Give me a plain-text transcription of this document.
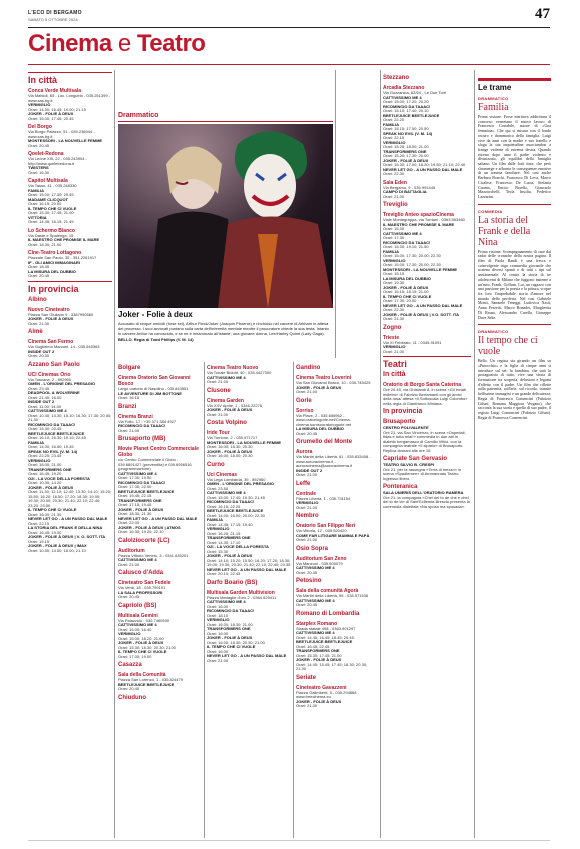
L'ECO DI BERGAMO
SABATO 5 OTTOBRE 2024	47
Cinema e Teatro
In città
Conca Verde Multisala
Via Mattioli, 65 - Loc. Longuelo - 035.251399 - www.sas.bg.it
VERMIGLIO
Orari: 14.30; 16.45; 19.00; 21.15
JOKER - FOLIE À DEUX
Orari: 15.00; 17.45; 20.45
Del Borgo
Via Borgo Palazzo, 51 - 035.236944 - www.sas.bg.it
MONTESSORI - LA NOUVELLE FEMME
Orari: 20.45
Qoelet-Redona
Via Leone XIII, 22 - 035.243904 - http://www.qoeletredona.it
TWISTERS
Orari: 16.30
Capitol Multisala
Via Tasso, 41 - 035.248330
FAMILIA
Orari: 15.00; 17.30; 20.45
MADAME CLICQUOT
Orari: 16.15; 20.00
IL TEMPO CHE CI VUOLE
Orari: 15.30; 17.45; 21.00
VITTORIA
Orari: 14.45; 16.15; 21.45
Lo Schermo Bianco
Via Daste e Spalenga, 15
IL MAESTRO CHE PROMISE IL MARE
Orari: 18.30; 21.00
Cine-Teatro Lottagono
Piazzale San Paolo, 35 - 351.2261917
IF - GLI AMICI IMMAGINARI
Orari: 18.45
LA MISURA DEL DUBBIO
Orari: 20.45
In provincia
Albino
Nuovo Cineteatro
Piazza San Giuliano 9 - 3387990560
JOKER - FOLIE À DEUX
Orari: 21.00
Almè
Cinema San Fermo
Via Guglielmo Marconi, 14 - 035.545363
INSIDE OUT 2
Orari: 20.30
Azzano San Paolo
UCI Cinemas Orio
Via Toscana, 2 - 892960
OMEN - L'ORIGINE DEL PRESAGIO
Orari: 23.45
DEADPOOL & WOLVERINE
Orari: 21.40; 16.00
INSIDE OUT 2
Orari: 11.00; 14.00
CATTIVISSIMO ME 4
Orari: 10.40; 14.30; 15.10; 16.30; 17.30; 20.00; 21.30
RICOMINCIO DA TAAAC!
Orari: 15.30; 20.45
BEETLEJUICE BEETLEJUICE
Orari: 16.10; 16.30; 19.15; 22.45
FAMILIA
Orari: 14.00; 16.50; 19.45
SPEAK NO EVIL (V. M. 14)
Orari: 22.20; 23.45
VERMIGLIO
Orari: 18.00; 21.00
TRANSFORMERS ONE
Orari: 16.45; 19.20
O2I - LA VOCE DELLA FORESTA
Orari: 10.30; 14.20
JOKER - FOLIE À DEUX
Orari: 11.30; 12.10; 12.40; 13.30; 14.10; 15.20; 15.50; 16.20; 16.50; 17.20; 18.30; 19.00; 19.30; 20.00; 20.30; 21.40; 22.10; 22.40; 23.20; 23.50
IL TEMPO CHE CI VUOLE
Orari: 16.00; 21.30
NEVER LET GO - A UN PASSO DAL MALE
Orari: 22.15
LA STORIA DEL FRANK E DELLA NINA
Orari: 16.45; 19.00
JOKER - FOLIE À DEUX | V. O. SOTT. ITA
Orari: 19.15
JOKER - FOLIE À DEUX | IMAX
Orari: 10.50; 14.50; 18.00; 21.10
Drammatico
Joker - Folie à deux
Accusato di cinque omicidi (forse sei), Arthur Fleck/Joker (Joaquin Phoenix) è rinchiuso nel carcere di Arkham in attesa del processo. I suoi avvocati puntano sulla carta dell'infermità mentale mentre il procuratore chiede la sua testa. Intanto in carcere Arthur ha conosciuto, e se ne è innamorato all'istante, una giovane donna, Lee/Harley Quinn (Lady Gaga).
BELLO. Regia di Todd Phillips (V. M. 14)
Bolgare
Cinema Oratorio San Giovanni Bosco
Largo oratorio di Nasolino - 035.843551
LE AVVENTURE DI JIM BOTTONE
Orari: 16.15
Branzi
Cinema Branzi
Via Follo, 17 - +39 371 384 4927
RICOMINCIO DA TAAAC!
Orari: 21.00
Brusaporto (MB)
Movie Planet Centro Commerciale Globo
c/o Centro Commerciale il Globo - 039.6891427 (prevendita) e 039.6956516 (programmazione)
CATTIVISSIMO ME 4
Orari: 17.30; 19.50
RICOMINCIO DA TAAAC!
Orari: 17.30; 22.00
BEETLEJUICE BEETLEJUICE
Orari: 19.45; 22.15
TRANSFORMERS ONE
Orari: 17.15; 19.45
JOKER - FOLIE À DEUX
Orari: 18.30; 21.30
NEVER LET GO - A UN PASSO DAL MALE
Orari: 22.00
JOKER - FOLIE À DEUX | ATMOS
Orari: 16.30; 19.20; 22.10
Calolziocorte (LC)
Auditorium
Piazza Vittorio Veneto, 3 - 0341.635201
CATTIVISSIMO ME 4
Orari: 21.00
Calusco d'Adda
Cineteatro San Fedele
Via Verdi, 18 - 035.799101
LA SALA PROFESSORI
Orari: 20.45
Capriolo (BS)
Multisala Gemini
Via Palazzolo - 030.7460530
CATTIVISSIMO ME 4
Orari: 15.00; 16.40
VERMIGLIO
Orari: 15.00; 18.20; 21.00
JOKER - FOLIE À DEUX
Orari: 15.30; 18.30; 20.30; 21.00
IL TEMPO CHE CI VUOLE
Orari: 17.00; 19.00
Casazza
Sala della Comunità
Piazza San Lorenzo, 1 - 035.824479
BEETLEJUICE BEETLEJUICE
Orari: 20.45
Chiuduno
Cinema Teatro Nuovo
Via Tonale Bidotti, 40 - 035.4427300
CATTIVISSIMO ME 4
Orari: 21.00
Clusone
Cinema Garden
Via XXV Aprile, 1 - 0346.22275
JOKER - FOLIE À DEUX
Orari: 21.00
Costa Volpino
Iride Tour
Via Torrione, 2 - 035.971717
MONTESSORI - LA NOUVELLE FEMME
Orari: 16.00; 18.30; 20.30
JOKER - FOLIE À DEUX
Orari: 16.00; 18.00; 20.30
Curno
Uci Cinemas
Via Lega Lombarda, 39 - 892960
OMEN - L'ORIGINE DEL PRESAGIO
Orari: 23.50
CATTIVISSIMO ME 4
Orari: 15.00; 17.40; 19.30; 21.45
RICOMINCIO DA TAAAC!
Orari: 16.15; 22.25
BEETLEJUICE BEETLEJUICE
Orari: 14.00; 16.00; 20.00; 22.30
FAMILIA
Orari: 14.45; 17.15; 19.40
VERMIGLIO
Orari: 16.25; 21.15
TRANSFORMERS ONE
Orari: 14.30; 17.10
O2I - LA VOCE DELLA FORESTA
Orari: 15.30
JOKER - FOLIE À DEUX
Orari: 14.10; 15.20; 15.50; 16.20; 17.20; 18.30; 19.00; 19.30; 20.30; 21.40; 22.10; 22.40; 23.35
NEVER LET GO - A UN PASSO DAL MALE
Orari: 20.10; 22.45
Darfo Boario (BS)
Multisala Garden Multivision
Piazza Medaglie d'oro 2 - 0364.529411
CATTIVISSIMO ME 4
Orari: 16.00
RICOMINCIO DA TAAAC!
Orari: 18.10
VERMIGLIO
Orari: 16.00; 18.30; 21.00
TRANSFORMERS ONE
Orari: 16.00
JOKER - FOLIE À DEUX
Orari: 16.00; 18.30; 20.30; 21.00
IL TEMPO CHE CI VUOLE
Orari: 16.00
NEVER LET GO - A UN PASSO DAL MALE
Orari: 21.00
Gandino
Cinema Teatro Loverini
Via San Giovanni Bosco, 10 - 035.745425
JOKER - FOLIE À DEUX
Orari: 21.00
Gorle
Sorriso
Via Piave, 2 - 035.656962 - www.oratoriogorle.net/Cinema-cinema.sorrisooratoriogorle.net
LA MISURA DEL DUBBIO
Orari: 20.45
Grumello del Monte
Aurora
Via Martiri della Libertà, 61 - 035.833408 - www.auroracinema.it - auroracinema@auroracinema.it
INSIDE OUT 2
Orari: 21.00
Leffe
Centrale
Piazza Libertà, 1 - 035.731154
VERMIGLIO
Orari: 21.00
Nembro
Oratorio San Filippo Neri
Via Vittoria, 12 - 035.520420
COME FAR LITIGARE MAMMA E PAPÀ
Orari: 21.00
Osio Sopra
Auditorium San Zeno
Via Manzoni - 035.500079
CATTIVISSIMO ME 4
Orari: 20.45
Petosino
Sala della comunità Agorà
Via Martiri della Libertà, 95 - 035.571536
CATTIVISSIMO ME 4
Orari: 20.45
Romano di Lombardia
Starplex Romano
Strada statale 498 - 0363.901297
CATTIVISSIMO ME 4
Orari: 14.45; 16.45; 18.45; 20.45
BEETLEJUICE BEETLEJUICE
Orari: 16.45; 22.45
TRANSFORMERS ONE
Orari: 15.30; 17.45; 21.00
JOKER - FOLIE À DEUX
Orari: 14.45; 15.45; 17.45; 18.30; 20.30; 21.30
Seriate
Cineteatro Gavazzeni
Piazza Galimberti, 5 - 035.294868 - www.freecinema.eu
JOKER - FOLIE À DEUX
Orari: 21.00
Stezzano
Arcadia Stezzano
Via Guzzanica, 62/64 - Le Due Torri
CATTIVISSIMO ME 4
Orari: 15.00; 17.20; 20.20
RICOMINCIO DA TAAAC!
Orari: 15.10; 17.40; 20.10
BEETLEJUICE BEETLEJUICE
Orari: 22.20
FAMILIA
Orari: 15.15; 17.50; 20.50
SPEAK NO EVIL (V. M. 14)
Orari: 22.15
VERMIGLIO
Orari: 15.25; 18.00; 21.00
TRANSFORMERS ONE
Orari: 15.20; 17.30; 20.00
JOKER - FOLIE À DEUX
Orari: 15.30; 17.00; 18.20; 19.50; 21.10; 22.40
NEVER LET GO - A UN PASSO DAL MALE
Orari: 22.30
Sala Eden
Via Bergamo, 9 - 035.991449
CAMPO DI BATTAGLIA
Orari: 21.00
Treviglio
Treviglio Anteo spazioCinema
Viale Montegrappa, via Torriani - 0363.563460
IL MAESTRO CHE PROMISE IL MARE
Orari: 15.30
CATTIVISSIMO ME 4
Orari: 17.30
RICOMINCIO DA TAAAC!
Orari: 15.30; 19.10; 21.50
FAMILIA
Orari: 15.00; 17.30; 20.00; 22.30
VERMIGLIO
Orari: 15.00; 17.30; 20.00; 22.30
MONTESSORI - LA NOUVELLE FEMME
Orari: 15.15
LA MISURA DEL DUBBIO
Orari: 19.30
JOKER - FOLIE À DEUX
Orari: 15.15; 18.15; 21.00
IL TEMPO CHE CI VUOLE
Orari: 17.30; 20.00
NEVER LET GO - A UN PASSO DAL MALE
Orari: 22.30
JOKER - FOLIE À DEUX | V.O. SOTT. ITA
Orari: 21.30
Zogno
Trieste
Via XI Febbraio, 11 - 0345.91091
VERMIGLIO
Orari: 21.00
Teatri
In città
Oratorio di Borgo Santa Caterina
Ore 20.45, via Ghislandi 8, in scena «Gli inviati indietro» di Fabrizio Bertamanti con gli amici della rosa/ attesa «Il Sottoscala Luigi Colombo» nella regia di Gianfranco Miniana.
In provincia
Brusaporto
CENTRO POLIVALENTE
Ore 21, via San Vincenzo, in scena «Ospedali, fidas e tutta mia!!» commedia in due atti in dialetto bergamasco di Camillo Vittici, con la compagnia teatrale «Il sipario» di Brusaporto. Replica domani alle ore 16.
Capriate San Gervasio
TEATRO SILVIO B. CRESPI
Ore 21, per la rassegna «Terra di mezzo» in scena «Spadlemen» di Ammannato Teatro. Ingresso libero.
Ponteranica
SALA UNIERIS DELL'ORATORIO RAMERA
Ore 21, la compagnia «Chel del tò de ché e chel del tò de là» di Sant'Ecllemia-Brescia presenta la commedia dialettale «Na sposa ma sposada».
Le trame
DRAMMATICO
Familia
Prima visione. Forse meritava addirittura il concorso veneziano il nuovo lavoro di Francesco Costabile, autore di «Una femmina». Che qui si misura con il fondo oscuro e drammatico della famiglia. Luigi vive da anni con la madre e suo fratello e sfoga la sua inquietudine associandosi a frange violente di estrema destra. Quando ritorna dopo anni il padre violento e divinizzato, gli equilibri della famiglia saltano. Un film dalle forti tinte, che però s'immerge e affronta le conseguenze emotive di un trauma familiare. Nel cast anche Barbara Ronchi, Francesco Di Leva, Marco Cicalese, Francesco De Lucia, Stefania Cuomo, Enrico Borello, Giancarlo Mazzucchelli, Tecla Insolia, Federico Lazzarini.
COMMEDIA
La storia del Frank e della Nina
Prima visione. Scompaginamento di case dai radar delle cronache della nostra pagina. Il film di Paola Randi è una fresca e coinvolgente trigo commedia giovanile che scatena diversi spunti e di tutti i tipi sul sentimentale. Al centro la storia di tre adolescenti di Milano che fuggono insieme a un'auto, Frank, Gollum. Lui, un ragazzo con una passione per la poesia e la pittura, scopre fra loro l'improbabile storia d'amore nel mondo della periferia. Nel cast Gabriele Monti, Samuele Teneggi, Ludovica Nasti, Anna Ferzetti, Marco Bonadei, Margherita Di Rauso, Alessandro Carella, Giuseppe Dave Seke.
DRAMMATICO
Il tempo che ci vuole
Bello. Un regista sta girando un film su «Pinocchio» e la figlia di cinque anni si introduce sul set; la bambina, che sarà la protagonista di tutto, vive una storia di formazione tra scoperta, delusioni e legami d'affetto con il padre. Un film che riflette sulla paternità, sull'arte, sul ricordo, tramite bellissime immagini e un grande delicatezza. Regia di Francesca Comencini (Fabrizio Gifuni, Romana Maggiora Vergano), che racconta la sua storia e quella di suo padre, il regista Luigi Comencini (Fabrizio Gifuni). Regia di Francesca Comencini.
